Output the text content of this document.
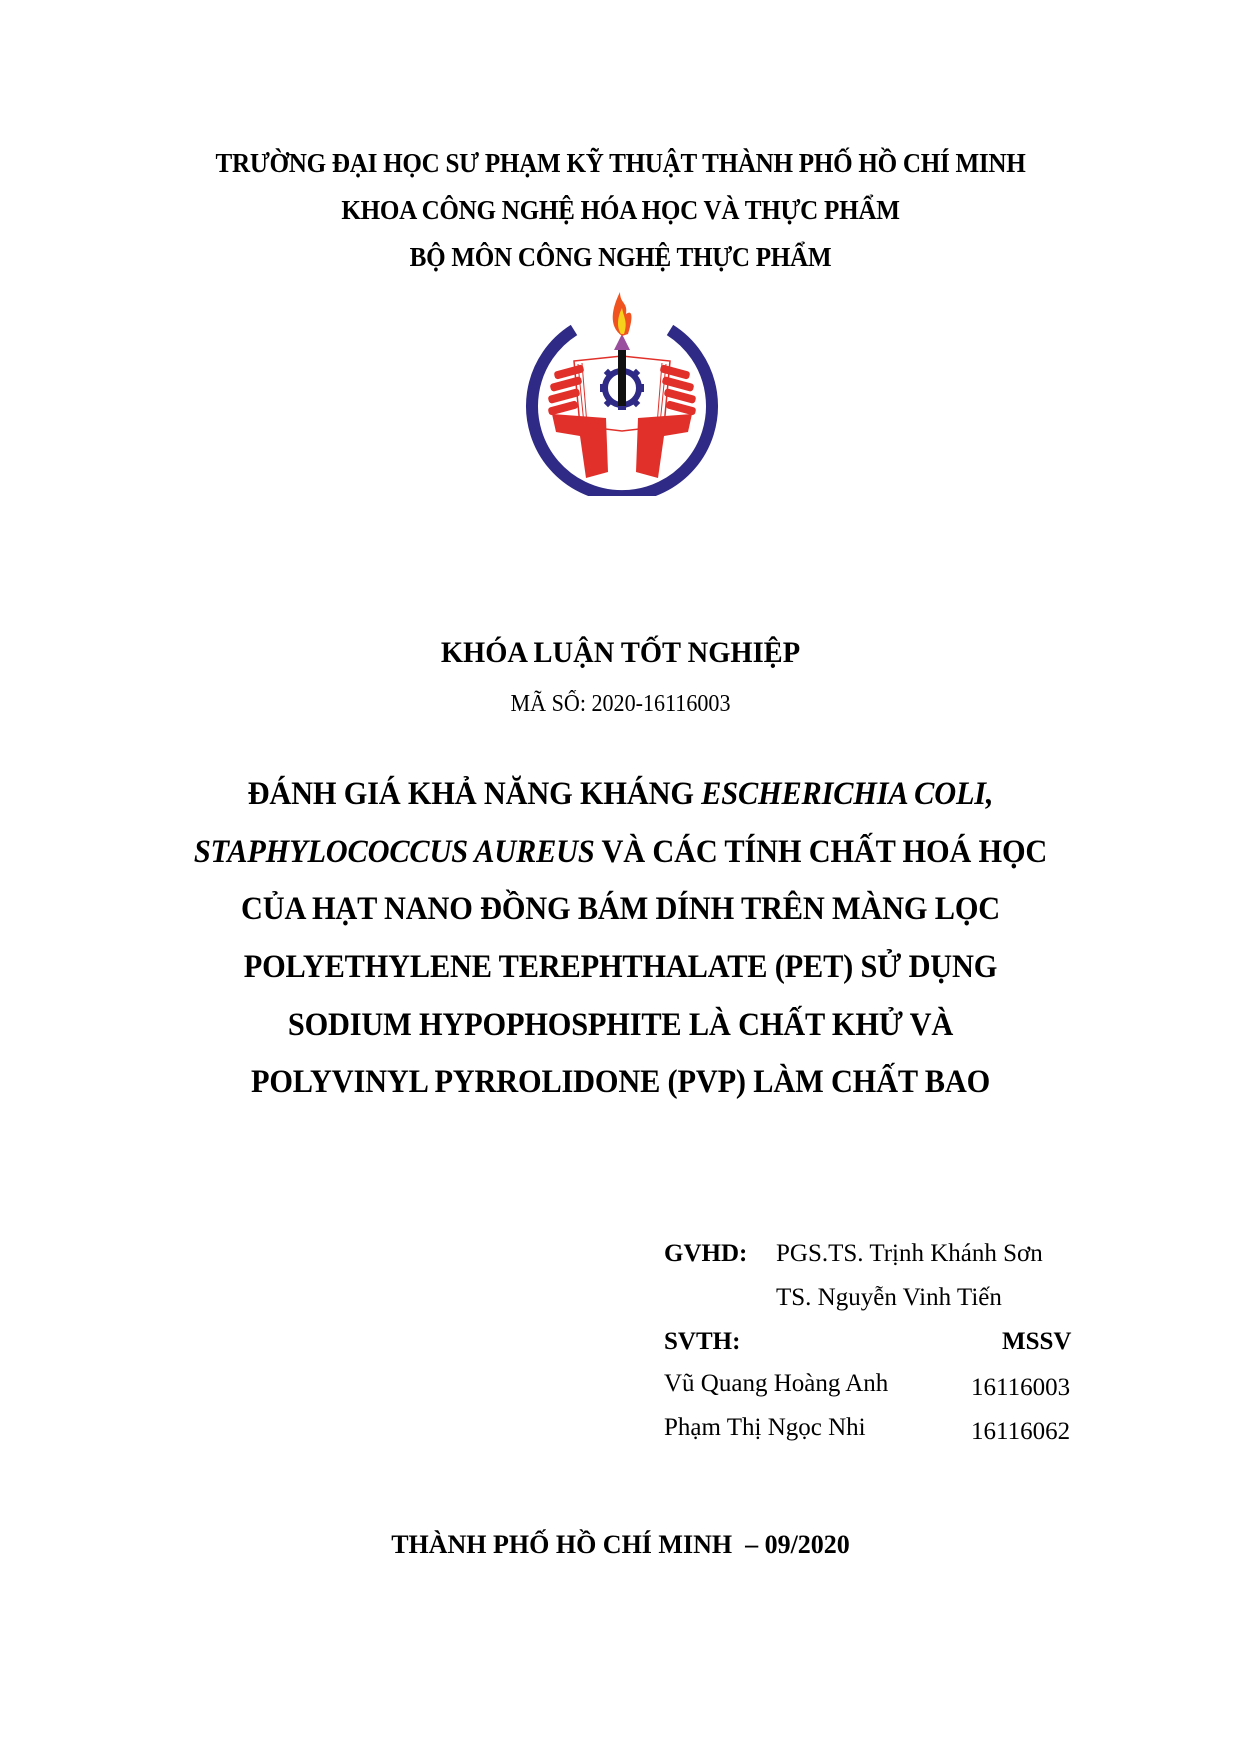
TRƯỜNG ĐẠI HỌC SƯ PHẠM KỸ THUẬT THÀNH PHỐ HỒ CHÍ MINH
KHOA CÔNG NGHỆ HÓA HỌC VÀ THỰC PHẨM
BỘ MÔN CÔNG NGHỆ THỰC PHẨM
KHÓA LUẬN TỐT NGHIỆP
MÃ SỐ: 2020-16116003
ĐÁNH GIÁ KHẢ NĂNG KHÁNG ESCHERICHIA COLI,
STAPHYLOCOCCUS AUREUS VÀ CÁC TÍNH CHẤT HOÁ HỌC
CỦA HẠT NANO ĐỒNG BÁM DÍNH TRÊN MÀNG LỌC
POLYETHYLENE TEREPHTHALATE (PET) SỬ DỤNG
SODIUM HYPOPHOSPHITE LÀ CHẤT KHỬ VÀ
POLYVINYL PYRROLIDONE (PVP) LÀM CHẤT BAO
GVHD: PGS.TS. Trịnh Khánh Sơn
TS. Nguyễn Vinh Tiến
SVTH:	MSSV
Vũ Quang Hoàng Anh	16116003
Phạm Thị Ngọc Nhi	16116062
THÀNH PHỐ HỒ CHÍ MINH  – 09/2020
